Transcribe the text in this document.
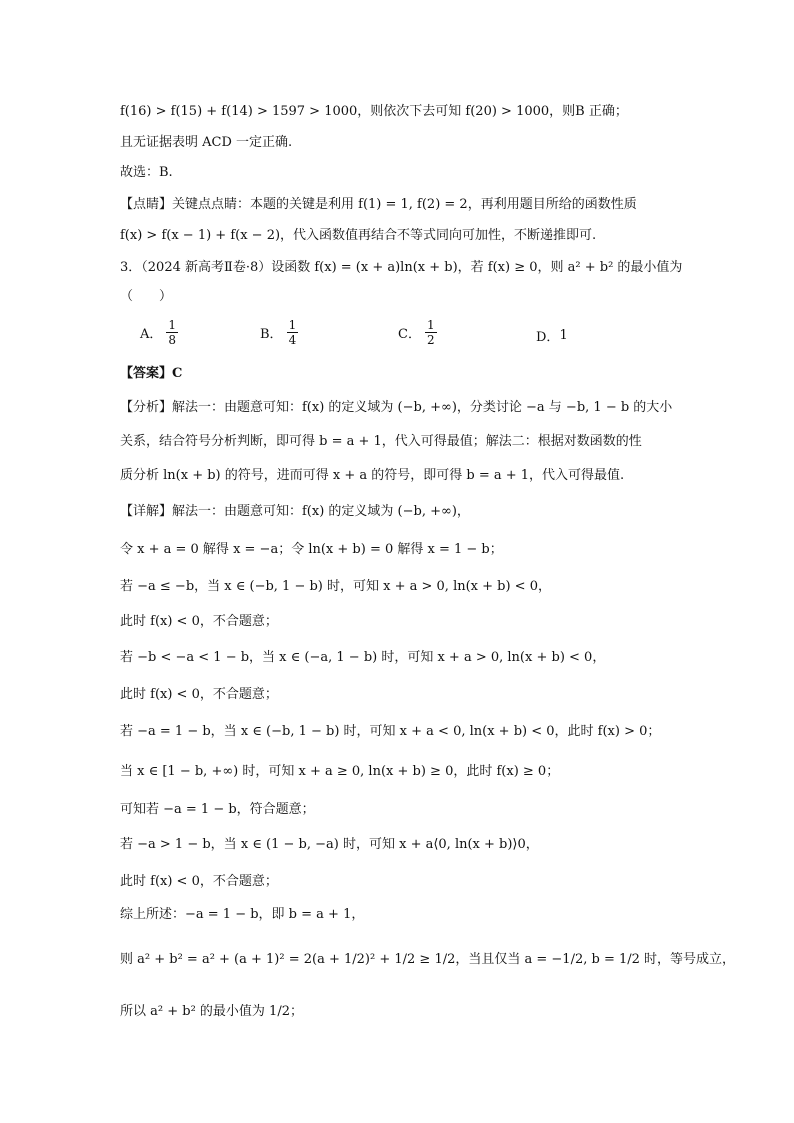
f(16) > f(15) + f(14) > 1597 > 1000，则依次下去可知 f(20) > 1000，则B 正确；
且无证据表明 ACD 一定正确.
故选：B.
【点睛】关键点点睛：本题的关键是利用 f(1) = 1, f(2) = 2，再利用题目所给的函数性质
f(x) > f(x − 1) + f(x − 2)，代入函数值再结合不等式同向可加性，不断递推即可.
3．（2024 新高考Ⅱ卷·8）设函数 f(x) = (x + a)ln(x + b)，若 f(x) ≥ 0，则 a² + b² 的最小值为
（　　）
A． $\frac{1}{8}$	B． $\frac{1}{4}$	C． $\frac{1}{2}$	D． 1
【答案】C
【分析】解法一：由题意可知：f(x) 的定义域为 (−b, +∞)，分类讨论 −a 与 −b, 1 − b 的大小
关系，结合符号分析判断，即可得 b = a + 1，代入可得最值；解法二：根据对数函数的性
质分析 ln(x + b) 的符号，进而可得 x + a 的符号，即可得 b = a + 1，代入可得最值.
【详解】解法一：由题意可知：f(x) 的定义域为 (−b, +∞)，
令 x + a = 0 解得 x = −a；令 ln(x + b) = 0 解得 x = 1 − b；
若 −a ≤ −b，当 x ∈ (−b, 1 − b) 时，可知 x + a > 0, ln(x + b) < 0，
此时 f(x) < 0，不合题意；
若 −b < −a < 1 − b，当 x ∈ (−a, 1 − b) 时，可知 x + a > 0, ln(x + b) < 0，
此时 f(x) < 0，不合题意；
若 −a = 1 − b，当 x ∈ (−b, 1 − b) 时，可知 x + a < 0, ln(x + b) < 0，此时 f(x) > 0；
当 x ∈ [1 − b, +∞) 时，可知 x + a ≥ 0, ln(x + b) ≥ 0，此时 f(x) ≥ 0；
可知若 −a = 1 − b，符合题意；
若 −a > 1 − b，当 x ∈ (1 − b, −a) 时，可知 x + a⟨0, ln(x + b)⟩0，
此时 f(x) < 0，不合题意；
综上所述：−a = 1 − b，即 b = a + 1，
则 a² + b² = a² + (a + 1)² = 2(a + 1/2)² + 1/2 ≥ 1/2，当且仅当 a = −1/2, b = 1/2 时，等号成立，
所以 a² + b² 的最小值为 1/2；
